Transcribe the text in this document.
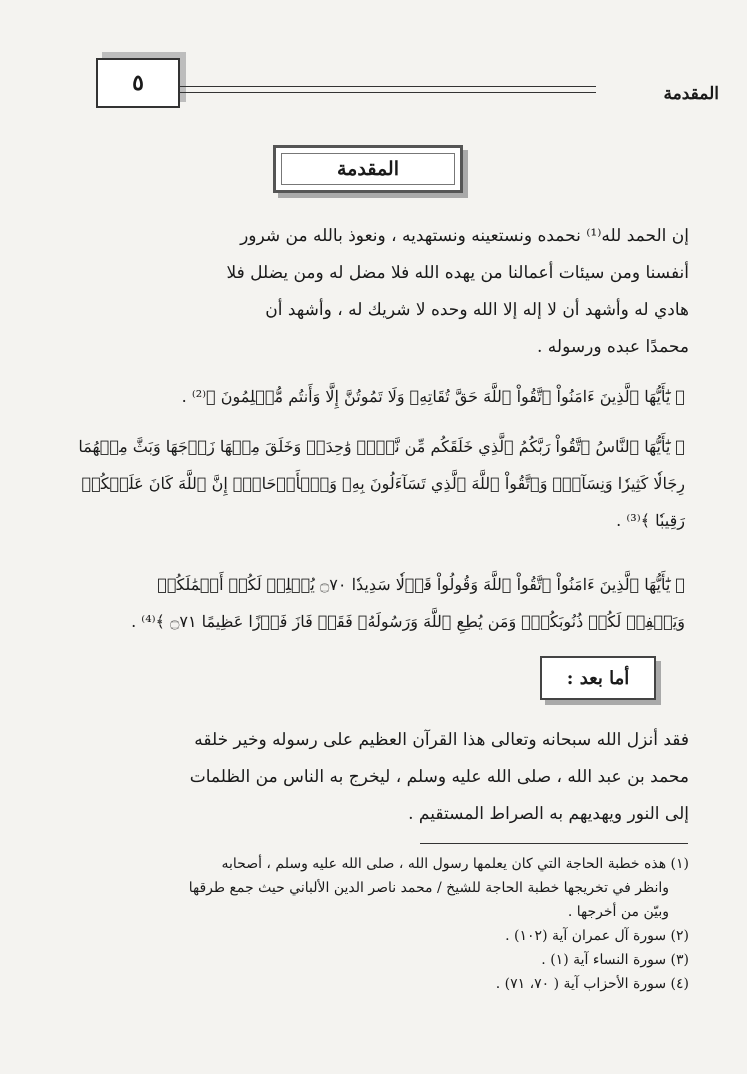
٥	المقدمة
المقدمة
إن الحمد لله⁽¹⁾ نحمده ونستعينه ونستهديه ، ونعوذ بالله من شرور
أنفسنا ومن سيئات أعمالنا من يهده الله فلا مضل له ومن يضلل فلا
هادي له وأشهد أن لا إله إلا الله وحده لا شريك له ، وأشهد أن
محمدًا عبده ورسوله .
﴿ يَٰٓأَيُّهَا ٱلَّذِينَ ءَامَنُواْ ٱتَّقُواْ ٱللَّهَ حَقَّ تُقَاتِهِۦ وَلَا تَمُوتُنَّ إِلَّا وَأَنتُم مُّسۡلِمُونَ ﴾⁽²⁾ .
﴿ يَٰٓأَيُّهَا ٱلنَّاسُ ٱتَّقُواْ رَبَّكُمُ ٱلَّذِي خَلَقَكُم مِّن نَّفۡسٖ وَٰحِدَةٖ وَخَلَقَ مِنۡهَا زَوۡجَهَا وَبَثَّ مِنۡهُمَا
رِجَالٗا كَثِيرٗا وَنِسَآءٗۚ وَٱتَّقُواْ ٱللَّهَ ٱلَّذِي تَسَآءَلُونَ بِهِۦ وَٱلۡأَرۡحَامَۚ إِنَّ ٱللَّهَ كَانَ عَلَيۡكُمۡ
رَقِيبٗا ﴾⁽³⁾ .
﴿ يَٰٓأَيُّهَا ٱلَّذِينَ ءَامَنُواْ ٱتَّقُواْ ٱللَّهَ وَقُولُواْ قَوۡلٗا سَدِيدٗا ۝٧٠ يُصۡلِحۡ لَكُمۡ أَعۡمَٰلَكُمۡ
وَيَغۡفِرۡ لَكُمۡ ذُنُوبَكُمۡۗ وَمَن يُطِعِ ٱللَّهَ وَرَسُولَهُۥ فَقَدۡ فَازَ فَوۡزًا عَظِيمًا ۝٧١ ﴾⁽⁴⁾ .
أما بعد :
فقد أنزل الله سبحانه وتعالى هذا القرآن العظيم على رسوله وخير خلقه
محمد بن عبد الله ، صلى الله عليه وسلم ، ليخرج به الناس من الظلمات
إلى النور ويهديهم به الصراط المستقيم .
(١) هذه خطبة الحاجة التي كان يعلمها رسول الله ، صلى الله عليه وسلم ، أصحابه
وانظر في تخريجها خطبة الحاجة للشيخ / محمد ناصر الدين الألباني حيث جمع طرقها
وبيّن من أخرجها .
(٢) سورة آل عمران آية (١٠٢) .
(٣) سورة النساء آية (١) .
(٤) سورة الأحزاب آية ( ٧٠، ٧١) .
